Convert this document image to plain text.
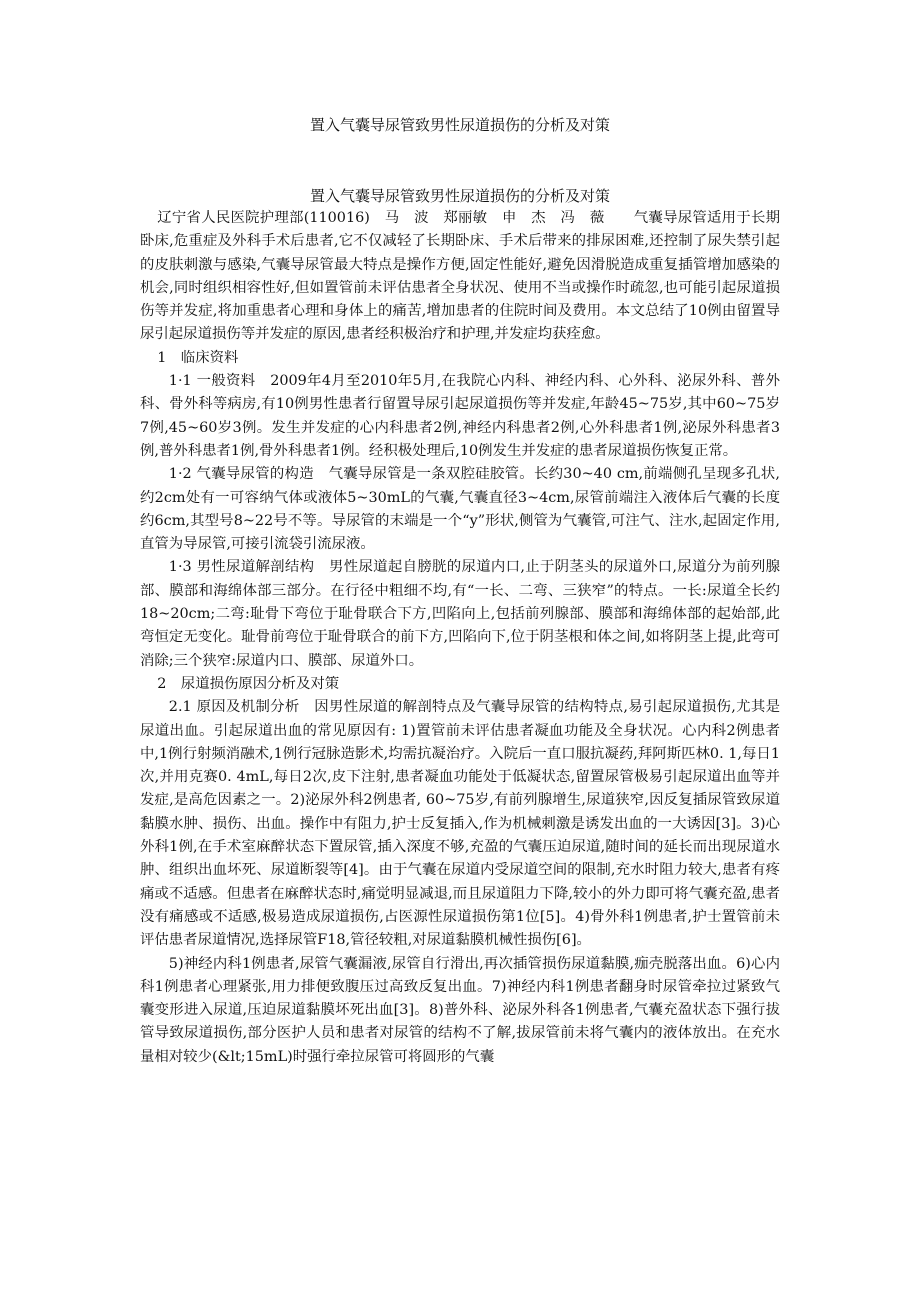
置入气囊导尿管致男性尿道损伤的分析及对策
置入气囊导尿管致男性尿道损伤的分析及对策

辽宁省人民医院护理部(110016)　马　波　郑丽敏　申　杰　冯　薇　　气囊导尿管适用于长期卧床,危重症及外科手术后患者,它不仅减轻了长期卧床、手术后带来的排尿困难,还控制了尿失禁引起的皮肤刺激与感染,气囊导尿管最大特点是操作方便,固定性能好,避免因滑脱造成重复插管增加感染的机会,同时组织相容性好,但如置管前未评估患者全身状况、使用不当或操作时疏忽,也可能引起尿道损伤等并发症,将加重患者心理和身体上的痛苦,增加患者的住院时间及费用。本文总结了10例由留置导尿引起尿道损伤等并发症的原因,患者经积极治疗和护理,并发症均获痊愈。

1　临床资料

1·1 一般资料　2009年4月至2010年5月,在我院心内科、神经内科、心外科、泌尿外科、普外科、骨外科等病房,有10例男性患者行留置导尿引起尿道损伤等并发症,年龄45~75岁,其中60~75岁7例,45~60岁3例。发生并发症的心内科患者2例,神经内科患者2例,心外科患者1例,泌尿外科患者3例,普外科患者1例,骨外科患者1例。经积极处理后,10例发生并发症的患者尿道损伤恢复正常。

1·2 气囊导尿管的构造　气囊导尿管是一条双腔硅胶管。长约30~40 cm,前端侧孔呈现多孔状,约2cm处有一可容纳气体或液体5~30mL的气囊,气囊直径3~4cm,尿管前端注入液体后气囊的长度约6cm,其型号8~22号不等。导尿管的末端是一个“y”形状,侧管为气囊管,可注气、注水,起固定作用,直管为导尿管,可接引流袋引流尿液。

1·3 男性尿道解剖结构　男性尿道起自膀胱的尿道内口,止于阴茎头的尿道外口,尿道分为前列腺部、膜部和海绵体部三部分。在行径中粗细不均,有“一长、二弯、三狭窄”的特点。一长:尿道全长约18~20cm;二弯:耻骨下弯位于耻骨联合下方,凹陷向上,包括前列腺部、膜部和海绵体部的起始部,此弯恒定无变化。耻骨前弯位于耻骨联合的前下方,凹陷向下,位于阴茎根和体之间,如将阴茎上提,此弯可消除;三个狭窄:尿道内口、膜部、尿道外口。

2　尿道损伤原因分析及对策

2.1 原因及机制分析　因男性尿道的解剖特点及气囊导尿管的结构特点,易引起尿道损伤,尤其是尿道出血。引起尿道出血的常见原因有: 1)置管前未评估患者凝血功能及全身状况。心内科2例患者中,1例行射频消融术,1例行冠脉造影术,均需抗凝治疗。入院后一直口服抗凝药,拜阿斯匹林0. 1,每日1次,并用克赛0. 4mL,每日2次,皮下注射,患者凝血功能处于低凝状态,留置尿管极易引起尿道出血等并发症,是高危因素之一。2)泌尿外科2例患者, 60~75岁,有前列腺增生,尿道狭窄,因反复插尿管致尿道黏膜水肿、损伤、出血。操作中有阻力,护士反复插入,作为机械刺激是诱发出血的一大诱因[3]。3)心外科1例,在手术室麻醉状态下置尿管,插入深度不够,充盈的气囊压迫尿道,随时间的延长而出现尿道水肿、组织出血坏死、尿道断裂等[4]。由于气囊在尿道内受尿道空间的限制,充水时阻力较大,患者有疼痛或不适感。但患者在麻醉状态时,痛觉明显减退,而且尿道阻力下降,较小的外力即可将气囊充盈,患者没有痛感或不适感,极易造成尿道损伤,占医源性尿道损伤第1位[5]。4)骨外科1例患者,护士置管前未评估患者尿道情况,选择尿管F18,管径较粗,对尿道黏膜机械性损伤[6]。

5)神经内科1例患者,尿管气囊漏液,尿管自行滑出,再次插管损伤尿道黏膜,痂壳脱落出血。6)心内科1例患者心理紧张,用力排便致腹压过高致反复出血。7)神经内科1例患者翻身时尿管牵拉过紧致气囊变形进入尿道,压迫尿道黏膜坏死出血[3]。8)普外科、泌尿外科各1例患者,气囊充盈状态下强行拔管导致尿道损伤,部分医护人员和患者对尿管的结构不了解,拔尿管前未将气囊内的液体放出。在充水量相对较少(&lt;15mL)时强行牵拉尿管可将圆形的气囊
